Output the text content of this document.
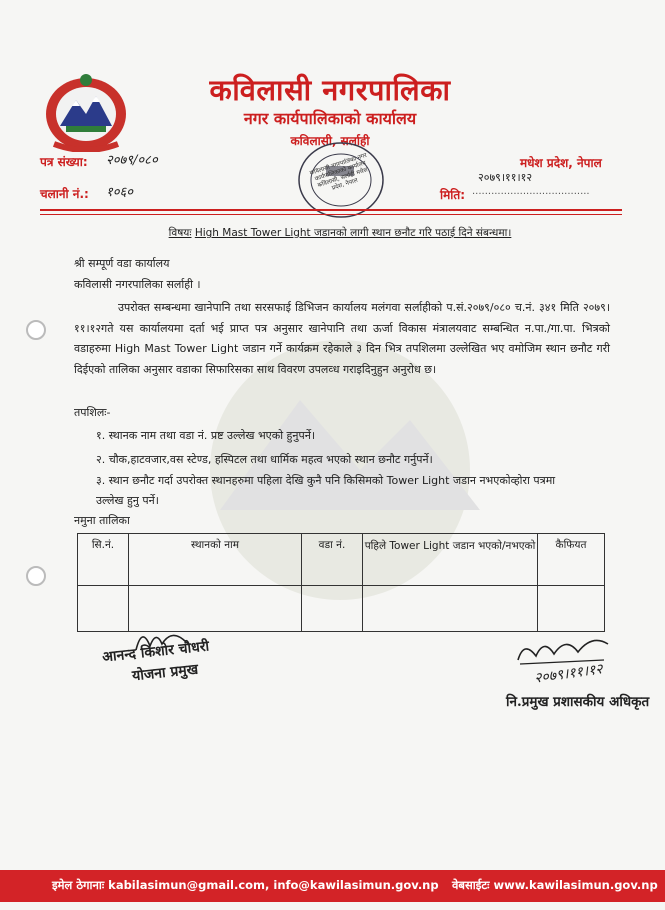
कविलासी नगरपालिका
नगर कार्यपालिकाको कार्यालय
कविलासी, सर्लाही
पत्र संख्या: २०७९/०८०
चलानी नं.: १०६०
मधेश प्रदेश, नेपाल
२०७९।११।१२
मिति: .....................................
कविलासी नगरपालिका नगर कार्यपालिकाको कार्यालय कविलासी, सर्लाही मधेश प्रदेश, नेपाल
विषयः High Mast Tower Light जडानको लागी स्थान छनौट गरि पठाई दिने संबन्धमा।
श्री सम्पूर्ण वडा कार्यालय
कविलासी नगरपालिका सर्लाही ।
उपरोक्त सम्बन्धमा खानेपानि तथा सरसफाई डिभिजन कार्यालय मलंगवा सर्लाहीको प.सं.२०७९/०८० च.नं. ३४१ मिति २०७९।११।१२गते यस कार्यालयमा दर्ता भई प्राप्त पत्र अनुसार खानेपानि तथा ऊर्जा विकास मंत्रालयवाट सम्बन्धित न.पा./गा.पा. भित्रको वडाहरुमा High Mast Tower Light जडान गर्ने कार्यक्रम रहेकाले ३ दिन भित्र तपशिलमा उल्लेखित भए वमोजिम स्थान छनौट गरी दिईएको तालिका अनुसार वडाका सिफारिसका साथ विवरण उपलव्ध गराइदिनुहुन अनुरोध छ।
तपशिलः-
१. स्थानक नाम तथा वडा नं. प्रष्ट उल्लेख भएको हुनुपर्ने।
२. चौक,हाटवजार,वस स्टेण्ड, हस्पिटल तथा धार्मिक महत्व भएको स्थान छनौट गर्नुपर्ने।
३. स्थान छनौट गर्दा उपरोक्त स्थानहरुमा पहिला देखि कुनै पनि किसिमको Tower Light जडान नभएकोव्होरा पत्रमा उल्लेख हुनु पर्ने।
नमुना तालिका
सि.नं.	स्थानको नाम	वडा नं.	पहिले Tower Light जडान भएको/नभएको	कैफियत

आनन्द किशोर चौधरी
योजना प्रमुख	२०७९।११।१२
नि.प्रमुख प्रशासकीय अधिकृत
इमेल ठेगानाः kabilasimun@gmail.com, info@kawilasimun.gov.np वेबसाईटः www.kawilasimun.gov.np
